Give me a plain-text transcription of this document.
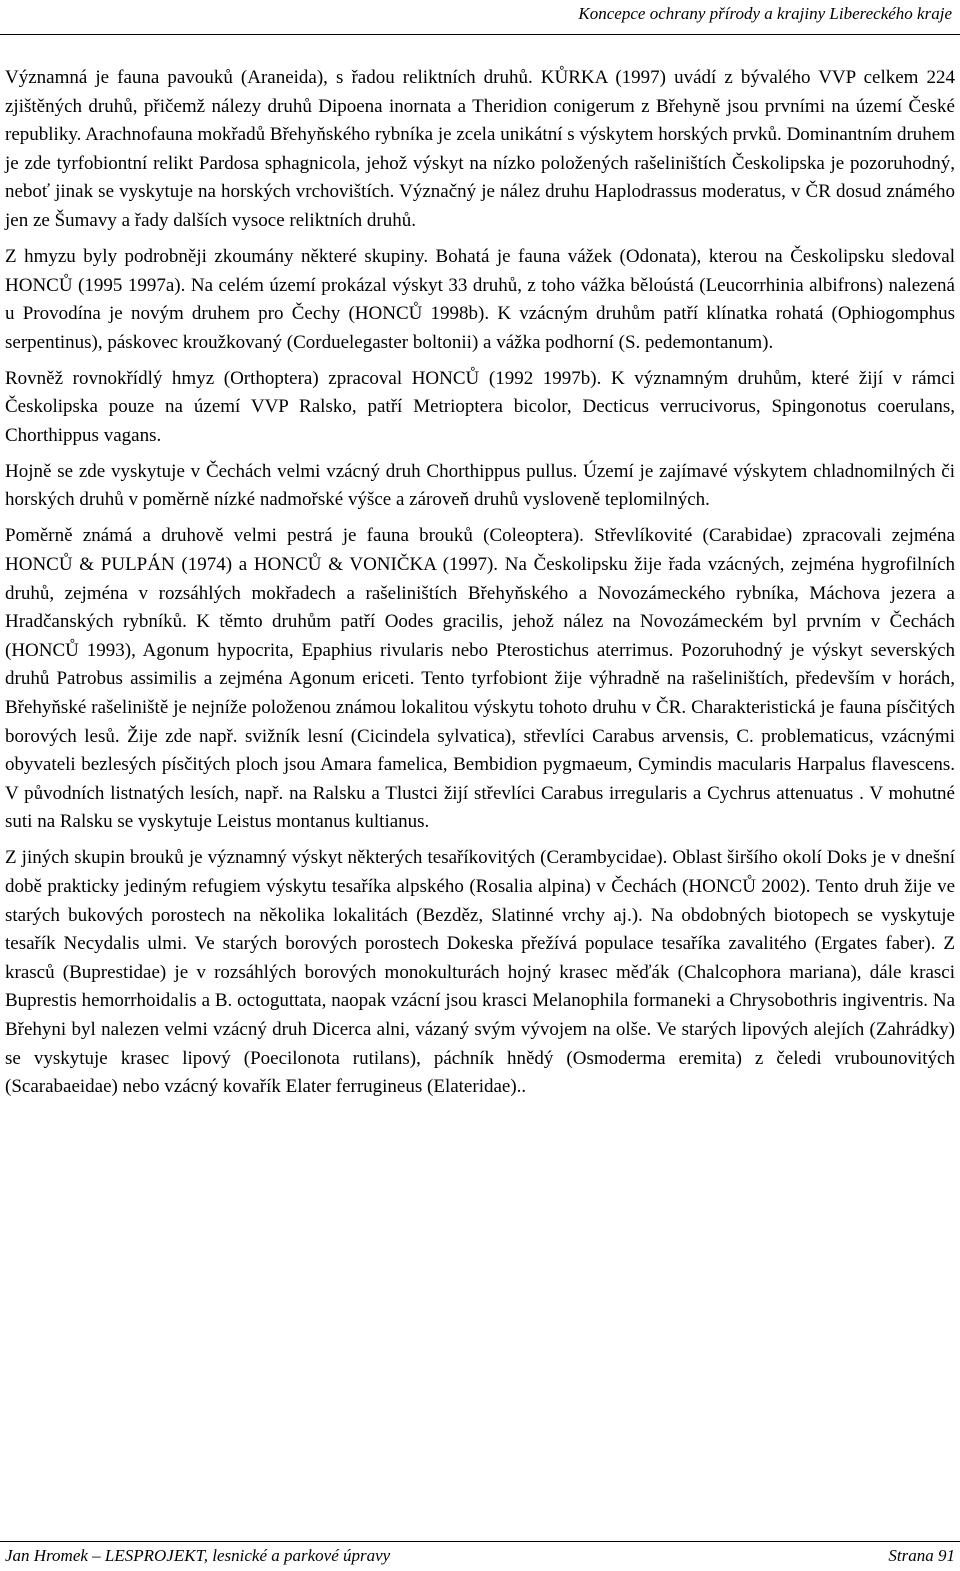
Koncepce ochrany přírody a krajiny Libereckého kraje

Významná je fauna pavouků (Araneida), s řadou reliktních druhů. KŮRKA (1997) uvádí z bývalého VVP celkem 224 zjištěných druhů, přičemž nálezy druhů Dipoena inornata a Theridion conigerum z Břehyně jsou prvními na území České republiky. Arachnofauna mokřadů Břehyňského rybníka je zcela unikátní s výskytem horských prvků. Dominantním druhem je zde tyrfobiontní relikt Pardosa sphagnicola, jehož výskyt na nízko položených rašeliništích Českolipska je pozoruhodný, neboť jinak se vyskytuje na horských vrchovištích. Význačný je nález druhu Haplodrassus moderatus, v ČR dosud známého jen ze Šumavy a řady dalších vysoce reliktních druhů.

Z hmyzu byly podrobněji zkoumány některé skupiny. Bohatá je fauna vážek (Odonata), kterou na Českolipsku sledoval HONCŮ (1995 1997a). Na celém území prokázal výskyt 33 druhů, z toho vážka běloústá (Leucorrhinia albifrons) nalezená u Provodína je novým druhem pro Čechy (HONCŮ 1998b). K vzácným druhům patří klínatka rohatá (Ophiogomphus serpentinus), páskovec kroužkovaný (Corduelegaster boltonii) a vážka podhorní (S. pedemontanum).

Rovněž rovnokřídlý hmyz (Orthoptera) zpracoval HONCŮ (1992 1997b). K významným druhům, které žijí v rámci Českolipska pouze na území VVP Ralsko, patří Metrioptera bicolor, Decticus verrucivorus, Spingonotus coerulans, Chorthippus vagans.

Hojně se zde vyskytuje v Čechách velmi vzácný druh Chorthippus pullus. Území je zajímavé výskytem chladnomilných či horských druhů v poměrně nízké nadmořské výšce a zároveň druhů vysloveně teplomilných.

Poměrně známá a druhově velmi pestrá je fauna brouků (Coleoptera). Střevlíkovité (Carabidae) zpracovali zejména HONCŮ & PULPÁN (1974) a HONCŮ & VONIČKA (1997). Na Českolipsku žije řada vzácných, zejména hygrofilních druhů, zejména v rozsáhlých mokřadech a rašeliništích Břehyňského a Novozámeckého rybníka, Máchova jezera a Hradčanských rybníků. K těmto druhům patří Oodes gracilis, jehož nález na Novozámeckém byl prvním v Čechách (HONCŮ 1993), Agonum hypocrita, Epaphius rivularis nebo Pterostichus aterrimus. Pozoruhodný je výskyt severských druhů Patrobus assimilis a zejména Agonum ericeti. Tento tyrfobiont žije výhradně na rašeliništích, především v horách, Břehyňské rašeliniště je nejníže položenou známou lokalitou výskytu tohoto druhu v ČR. Charakteristická je fauna písčitých borových lesů. Žije zde např. svižník lesní (Cicindela sylvatica), střevlíci Carabus arvensis, C. problematicus, vzácnými obyvateli bezlesých písčitých ploch jsou Amara famelica, Bembidion pygmaeum, Cymindis macularis Harpalus flavescens. V původních listnatých lesích, např. na Ralsku a Tlustci žijí střevlíci Carabus irregularis a Cychrus attenuatus . V mohutné suti na Ralsku se vyskytuje Leistus montanus kultianus.

Z jiných skupin brouků je významný výskyt některých tesaříkovitých (Cerambycidae). Oblast širšího okolí Doks je v dnešní době prakticky jediným refugiem výskytu tesaříka alpského (Rosalia alpina) v Čechách (HONCŮ 2002). Tento druh žije ve starých bukových porostech na několika lokalitách (Bezděz, Slatinné vrchy aj.). Na obdobných biotopech se vyskytuje tesařík Necydalis ulmi. Ve starých borových porostech Dokeska přežívá populace tesaříka zavalitého (Ergates faber). Z krasců (Buprestidae) je v rozsáhlých borových monokulturách hojný krasec měďák (Chalcophora mariana), dále krasci Buprestis hemorrhoidalis a B. octoguttata, naopak vzácní jsou krasci Melanophila formaneki a Chrysobothris ingiventris. Na Břehyni byl nalezen velmi vzácný druh Dicerca alni, vázaný svým vývojem na olše. Ve starých lipových alejích (Zahrádky) se vyskytuje krasec lipový (Poecilonota rutilans), páchník hnědý (Osmoderma eremita) z čeledi vrubounovitých (Scarabaeidae) nebo vzácný kovařík Elater ferrugineus (Elateridae)..

Jan Hromek – LESPROJEKT, lesnické a parkové úpravy	Strana 91
